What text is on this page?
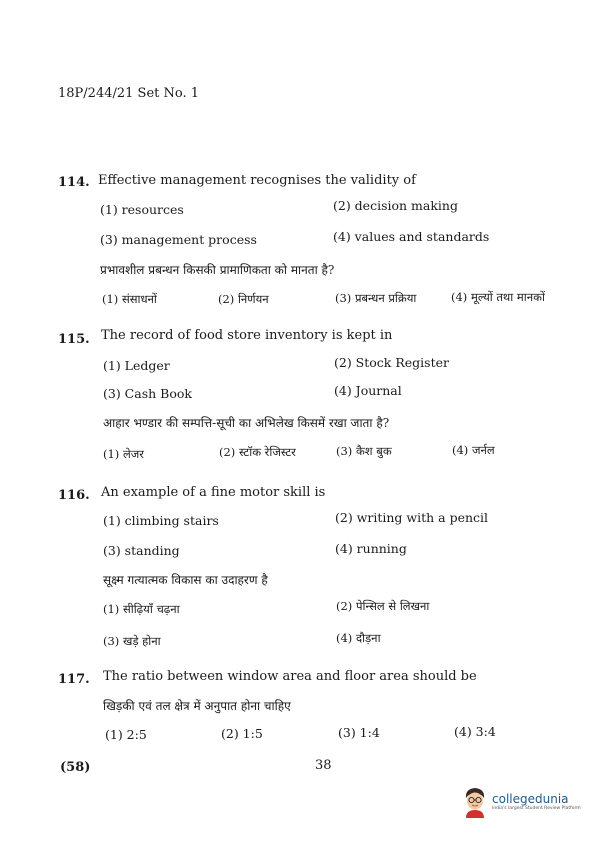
18P/244/21 Set No. 1
114. Effective management recognises the validity of
(1) resources	(2) decision making
(3) management process	(4) values and standards
प्रभावशील प्रबन्धन किसकी प्रामाणिकता को मानता है?
(1) संसाधनों	(2) निर्णयन	(3) प्रबन्धन प्रक्रिया	(4) मूल्यों तथा मानकों
115. The record of food store inventory is kept in
(1) Ledger	(2) Stock Register
(3) Cash Book	(4) Journal
आहार भण्डार की सम्पत्ति-सूची का अभिलेख किसमें रखा जाता है?
(1) लेजर	(2) स्टॉक रेजिस्टर	(3) कैश बुक	(4) जर्नल
116. An example of a fine motor skill is
(1) climbing stairs	(2) writing with a pencil
(3) standing	(4) running
सूक्ष्म गत्यात्मक विकास का उदाहरण है
(1) सीढ़ियाँ चढ़ना	(2) पेन्सिल से लिखना
(3) खड़े होना	(4) दौड़ना
117. The ratio between window area and floor area should be
खिड़की एवं तल क्षेत्र में अनुपात होना चाहिए
(1) 2:5	(2) 1:5	(3) 1:4	(4) 3:4
(58)	38
collegedunia
India's largest Student Review Platform
